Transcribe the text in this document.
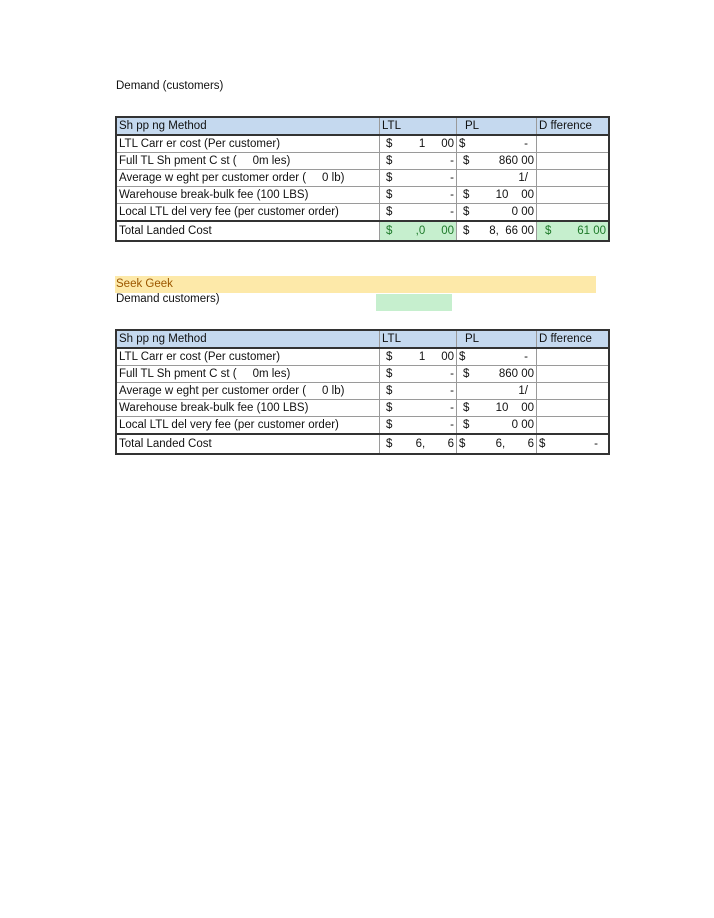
Demand (customers)
Sh pp ng Method	LTL	PL	D fference
LTL Carr er cost (Per customer)	$ 1     00	$ -	

Full TL Sh pment C st (     0m les)	$ -	$ 860 00	

Average w eght per customer order (     0 lb)	$ -	1/	

Warehouse break-bulk fee (100 LBS)	$ -	$ 10    00	

Local LTL del very fee (per customer order)	$ -	$ 0 00	

Total Landed Cost	$ ,0     00	$ 8,  66 00	$ 61 00
Seek Geek
Demand customers)
Sh pp ng Method	LTL	PL	D fference
LTL Carr er cost (Per customer)	$ 1     00	$ -	

Full TL Sh pment C st (     0m les)	$ -	$ 860 00	

Average w eght per customer order (     0 lb)	$ -	1/	

Warehouse break-bulk fee (100 LBS)	$ -	$ 10    00	

Local LTL del very fee (per customer order)	$ -	$ 0 00	

Total Landed Cost	$ 6,       6	$ 6,       6	$ -
